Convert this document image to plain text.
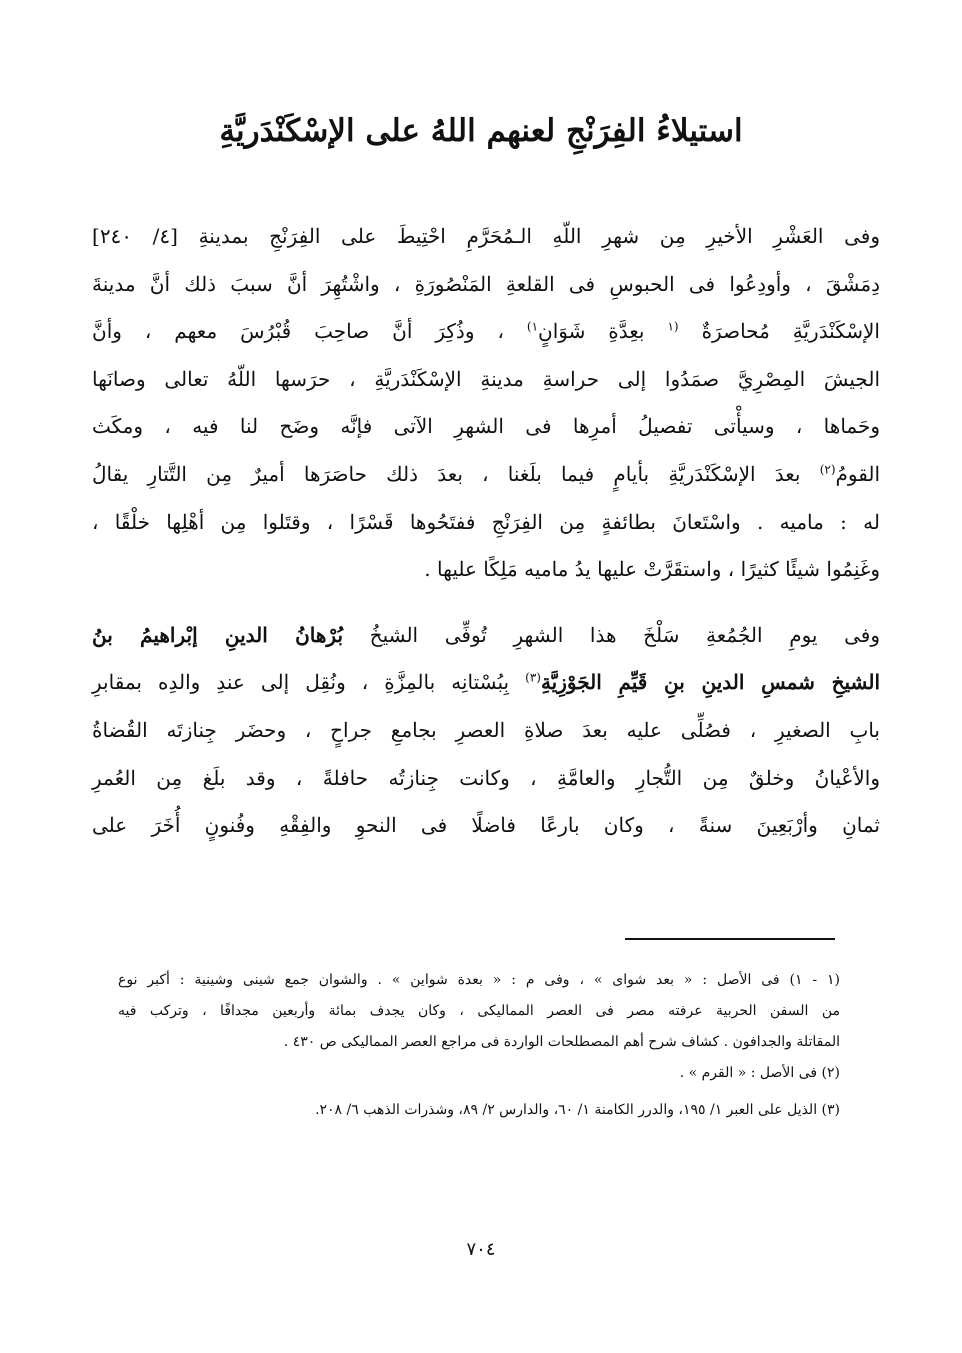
استيلاءُ الفِرَنْجِ لعنهم اللهُ على الإسْكَنْدَريَّةِ

وفى العَشْرِ الأخيرِ مِن شهرِ اللّهِ الـمُحَرَّمِ احْتِيطَ على الفِرَنْجِ بمدينةِ [٤/ ٢٤٠]
دِمَشْقَ ، وأودِعُوا فى الحبوسِ فى القلعةِ المَنْصُورَةِ ، واشْتُهِرَ أنَّ سببَ ذلك أنَّ مدينةَ
الإسْكَنْدَريَّةِ مُحاصرَةٌ $^{(١}$ بعِدَّةِ شَوَانٍ$^{١)}$ ، وذُكِرَ أنَّ صاحِبَ قُبْرُسَ معهم ، وأنَّ
الجيشَ المِصْرِيَّ صمَدُوا إلى حراسةِ مدينةِ الإسْكَنْدَريَّةِ ، حرَسها اللّهُ تعالى وصانَها
وحَماها ، وسيأْتى تفصيلُ أمرِها فى الشهرِ الآتى فإنَّه وضَح لنا فيه ، ومكَث
القومُ$^{(٢)}$ بعدَ الإسْكَنْدَريَّةِ بأيامٍ فيما بلَغنا ، بعدَ ذلك حاصَرَها أميرٌ مِن التَّتارِ يقالُ
له : ماميه . واسْتَعانَ بطائفةٍ مِن الفِرَنْجِ ففتَحُوها قَسْرًا ، وقتَلوا مِن أهْلِها خلْقًا ،
وغَنِمُوا شيئًا كثيرًا ، واستقَرَّتْ عليها يدُ ماميه مَلِكًا عليها .

وفى يومِ الجُمُعةِ سَلْخَ هذا الشهرِ تُوفِّى الشيخُ بُرْهانُ الدينِ إبْراهيمُ بنُ
الشيخِ شمسِ الدينِ بنِ قَيِّمِ الجَوْزِيَّةِ$^{(٣)}$ بِبُسْتانِه بالمِزَّةِ ، ونُقِل إلى عندِ والدِه بمقابرِ
بابِ الصغيرِ ، فصُلِّى عليه بعدَ صلاةِ العصرِ بجامعِ جراحٍ ، وحضَر جِنازتَه القُضاةُ
والأعْيانُ وخلقٌ مِن التُّجارِ والعامَّةِ ، وكانت جِنازتُه حافلةً ، وقد بلَغ مِن العُمرِ
ثمانِ وأرْبَعِينَ سنةً ، وكان بارعًا فاضلًا فى النحوِ والفِقْهِ وفُنونٍ أُخَرَ على

(١ - ١) فى الأصل : « بعد شواى » ، وفى م : « بعدة شواين » . والشوان جمع شينى وشينية : أكبر نوع
من السفن الحربية عرفته مصر فى العصر المماليكى ، وكان يجدف بمائة وأربعين مجدافًا ، وتركب فيه
المقاتلة والجدافون . كشاف شرح أهم المصطلحات الواردة فى مراجع العصر المماليكى ص ٤٣٠ .
(٢) فى الأصل : « القرم » .
(٣) الذيل على العبر ١/ ١٩٥، والدرر الكامنة ١/ ٦٠، والدارس ٢/ ٨٩، وشذرات الذهب ٦/ ٢٠٨.
٧٠٤
